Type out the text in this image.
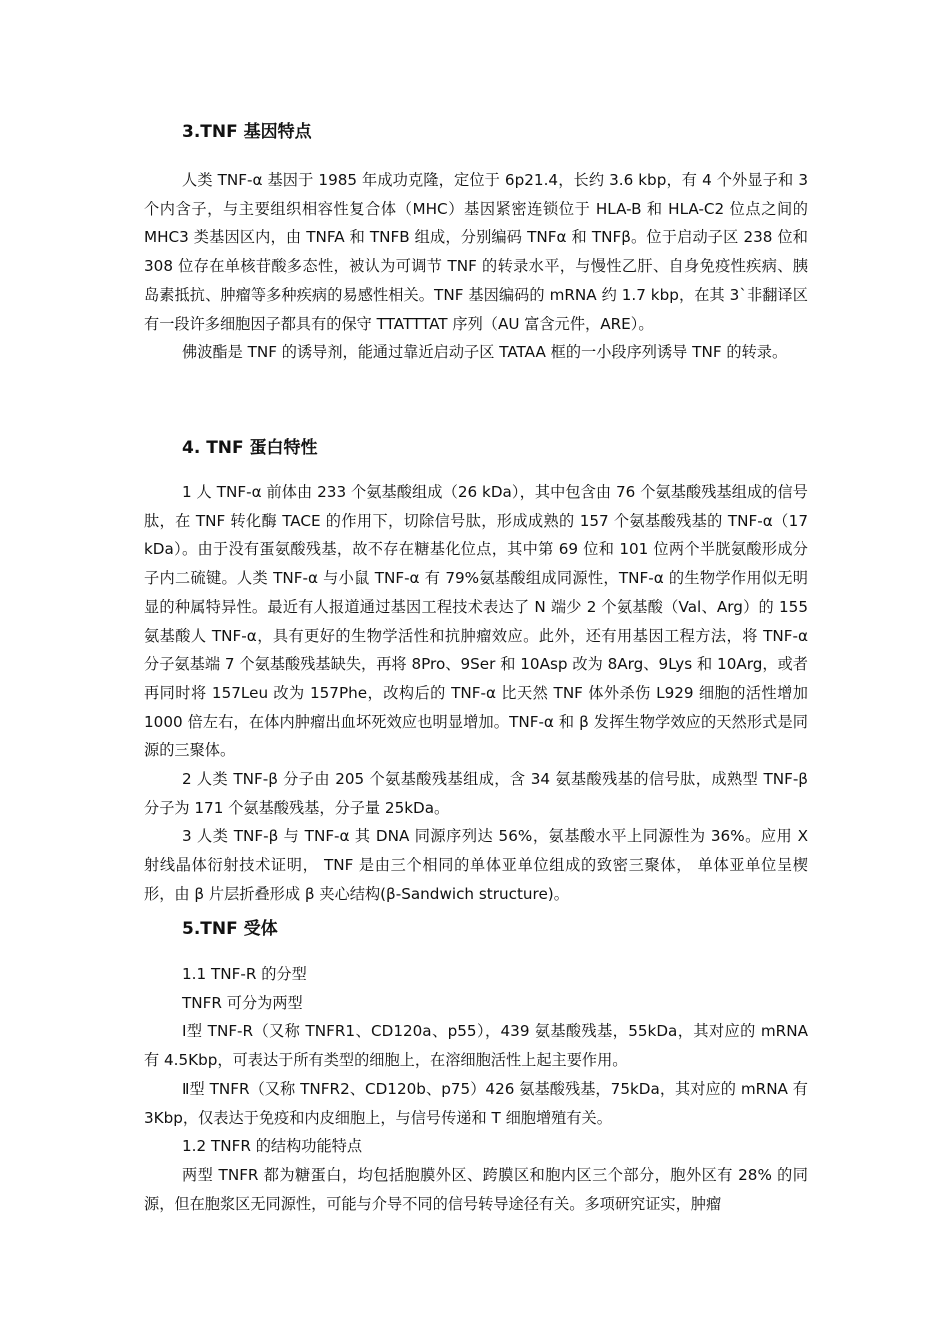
3.TNF 基因特点

人类 TNF-α 基因于 1985 年成功克隆，定位于 6p21.4，长约 3.6 kbp，有 4 个外显子和 3 个内含子，与主要组织相容性复合体（MHC）基因紧密连锁位于 HLA-B 和 HLA-C2 位点之间的 MHC3 类基因区内，由 TNFA 和 TNFB 组成，分别编码 TNFα 和 TNFβ。位于启动子区 238 位和 308 位存在单核苷酸多态性，被认为可调节 TNF 的转录水平，与慢性乙肝、自身免疫性疾病、胰岛素抵抗、肿瘤等多种疾病的易感性相关。TNF 基因编码的 mRNA 约 1.7 kbp，在其 3`非翻译区有一段许多细胞因子都具有的保守 TTATTTAT 序列（AU 富含元件，ARE）。

佛波酯是 TNF 的诱导剂，能通过靠近启动子区 TATAA 框的一小段序列诱导 TNF 的转录。

4. TNF 蛋白特性

1 人 TNF-α 前体由 233 个氨基酸组成（26 kDa），其中包含由 76 个氨基酸残基组成的信号肽，在 TNF 转化酶 TACE 的作用下，切除信号肽，形成成熟的 157 个氨基酸残基的 TNF-α（17 kDa）。由于没有蛋氨酸残基，故不存在糖基化位点，其中第 69 位和 101 位两个半胱氨酸形成分子内二硫键。人类 TNF-α 与小鼠 TNF-α 有 79%氨基酸组成同源性，TNF-α 的生物学作用似无明显的种属特异性。最近有人报道通过基因工程技术表达了 N 端少 2 个氨基酸（Val、Arg）的 155 氨基酸人 TNF-α，具有更好的生物学活性和抗肿瘤效应。此外，还有用基因工程方法，将 TNF-α 分子氨基端 7 个氨基酸残基缺失，再将 8Pro、9Ser 和 10Asp 改为 8Arg、9Lys 和 10Arg，或者再同时将 157Leu 改为 157Phe，改构后的 TNF-α 比天然 TNF 体外杀伤 L929 细胞的活性增加 1000 倍左右，在体内肿瘤出血坏死效应也明显增加。TNF-α 和 β 发挥生物学效应的天然形式是同源的三聚体。

2 人类 TNF-β 分子由 205 个氨基酸残基组成，含 34 氨基酸残基的信号肽，成熟型 TNF-β 分子为 171 个氨基酸残基，分子量 25kDa。

3 人类 TNF-β 与 TNF-α 其 DNA 同源序列达 56%，氨基酸水平上同源性为 36%。应用 X 射线晶体衍射技术证明， TNF 是由三个相同的单体亚单位组成的致密三聚体， 单体亚单位呈楔形，由 β 片层折叠形成 β 夹心结构(β-Sandwich structure)。

5.TNF 受体

1.1 TNF-R 的分型

TNFR 可分为两型

Ⅰ型 TNF-R（又称 TNFR1、CD120a、p55），439 氨基酸残基，55kDa，其对应的 mRNA 有 4.5Kbp，可表达于所有类型的细胞上，在溶细胞活性上起主要作用。

Ⅱ型 TNFR（又称 TNFR2、CD120b、p75）426 氨基酸残基，75kDa，其对应的 mRNA 有 3Kbp，仅表达于免疫和内皮细胞上，与信号传递和 T 细胞增殖有关。

1.2 TNFR 的结构功能特点

两型 TNFR 都为糖蛋白，均包括胞膜外区、跨膜区和胞内区三个部分，胞外区有 28% 的同源，但在胞浆区无同源性，可能与介导不同的信号转导途径有关。多项研究证实，肿瘤
